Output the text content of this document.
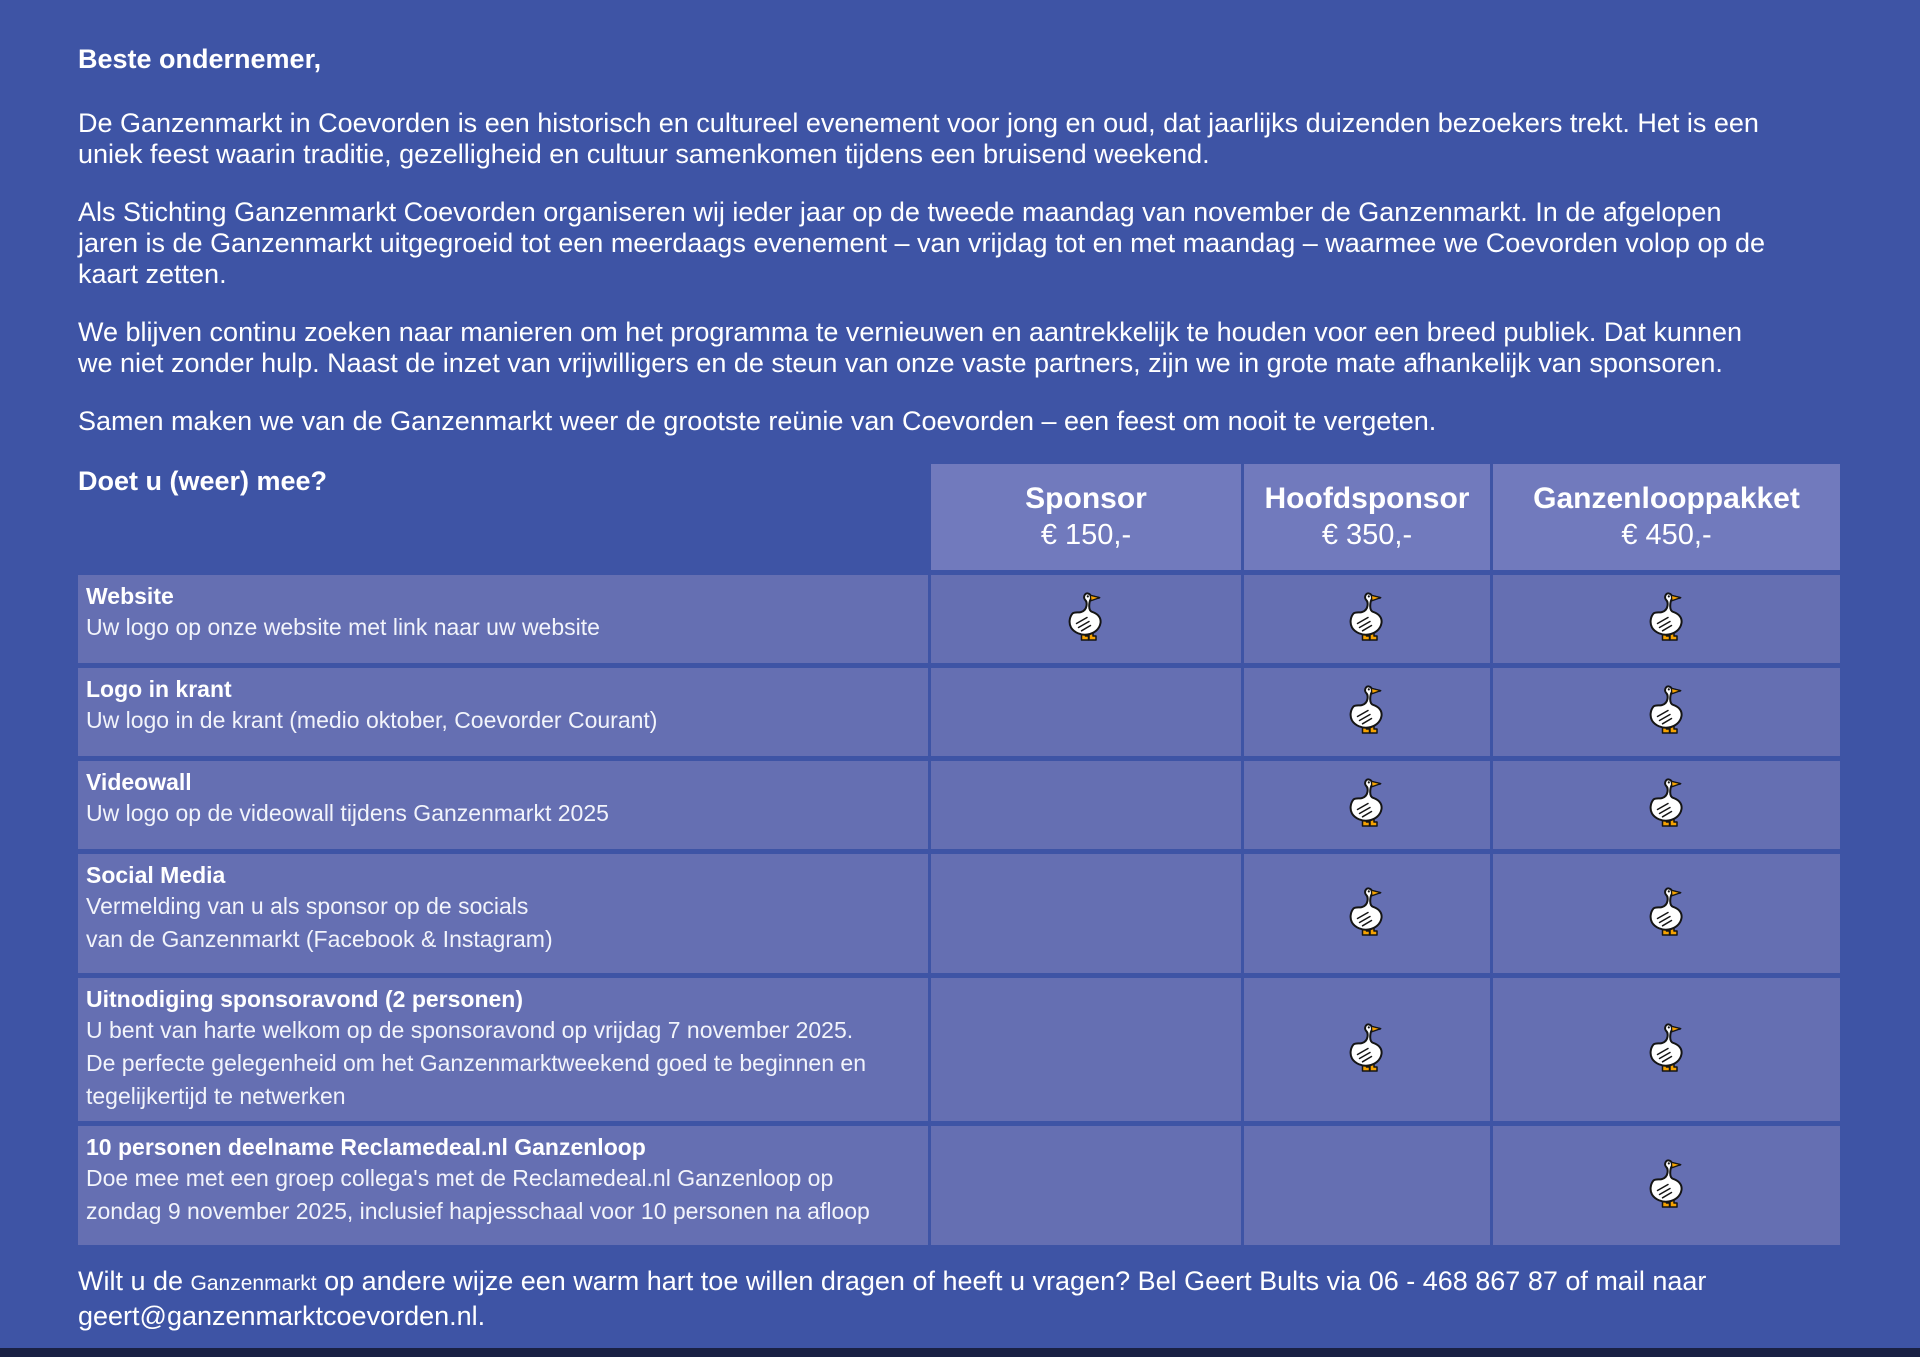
Beste ondernemer,
De Ganzenmarkt in Coevorden is een historisch en cultureel evenement voor jong en oud, dat jaarlijks duizenden bezoekers trekt. Het is een
uniek feest waarin traditie, gezelligheid en cultuur samenkomen tijdens een bruisend weekend.
Als Stichting Ganzenmarkt Coevorden organiseren wij ieder jaar op de tweede maandag van november de Ganzenmarkt. In de afgelopen
jaren is de Ganzenmarkt uitgegroeid tot een meerdaags evenement – van vrijdag tot en met maandag – waarmee we Coevorden volop op de
kaart zetten.
We blijven continu zoeken naar manieren om het programma te vernieuwen en aantrekkelijk te houden voor een breed publiek. Dat kunnen
we niet zonder hulp. Naast de inzet van vrijwilligers en de steun van onze vaste partners, zijn we in grote mate afhankelijk van sponsoren.
Samen maken we van de Ganzenmarkt weer de grootste reünie van Coevorden – een feest om nooit te vergeten.
Doet u (weer) mee?
Sponsor
€ 150,-
Hoofdsponsor
€ 350,-
Ganzenlooppakket
€ 450,-
Website
Uw logo op onze website met link naar uw website
Logo in krant
Uw logo in de krant (medio oktober, Coevorder Courant)
Videowall
Uw logo op de videowall tijdens Ganzenmarkt 2025
Social Media
Vermelding van u als sponsor op de socials
van de Ganzenmarkt (Facebook & Instagram)
Uitnodiging sponsoravond (2 personen)
U bent van harte welkom op de sponsoravond op vrijdag 7 november 2025.
De perfecte gelegenheid om het Ganzenmarktweekend goed te beginnen en
tegelijkertijd te netwerken
10 personen deelname Reclamedeal.nl Ganzenloop
Doe mee met een groep collega's met de Reclamedeal.nl Ganzenloop op
zondag 9 november 2025, inclusief hapjesschaal voor 10 personen na afloop
Wilt u de Ganzenmarkt op andere wijze een warm hart toe willen dragen of heeft u vragen? Bel Geert Bults via 06 - 468 867 87 of mail naar
geert@ganzenmarktcoevorden.nl.
